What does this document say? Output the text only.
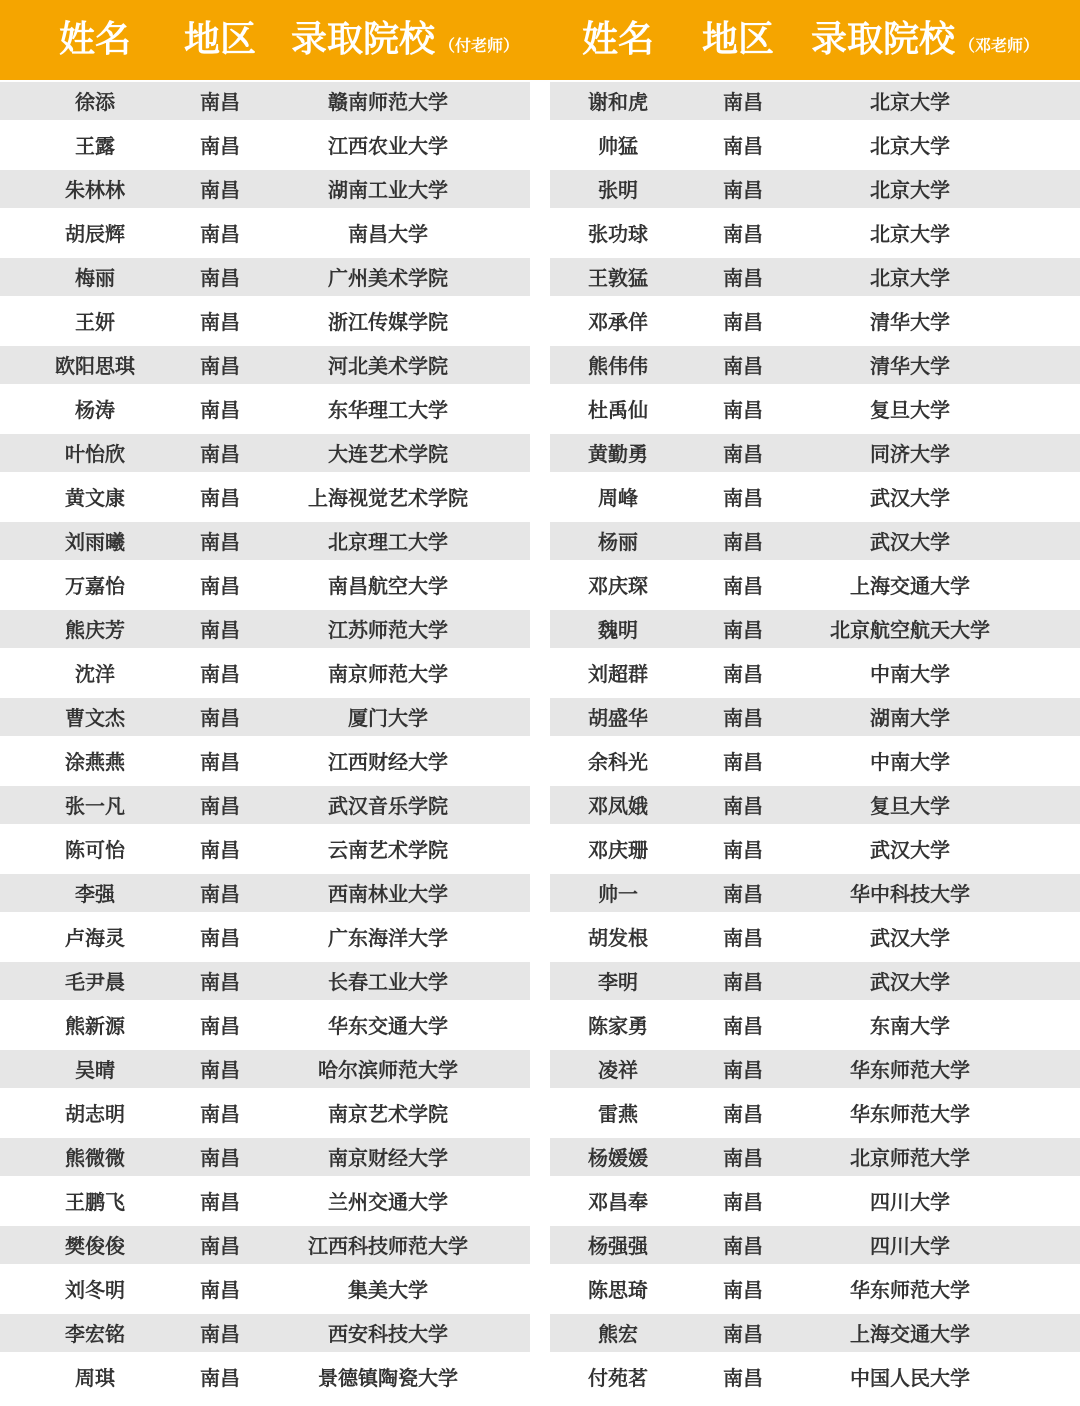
姓名	地区 录取院校 （付老师）	姓名	地区	录取院校 （邓老师）
徐添	南昌	赣南师范大学
王露	南昌	江西农业大学
朱林林	南昌	湖南工业大学
胡辰辉	南昌	南昌大学
梅丽	南昌	广州美术学院
王妍	南昌	浙江传媒学院
欧阳思琪	南昌	河北美术学院
杨涛	南昌	东华理工大学
叶怡欣	南昌	大连艺术学院
黄文康	南昌	上海视觉艺术学院
刘雨曦	南昌	北京理工大学
万嘉怡	南昌	南昌航空大学
熊庆芳	南昌	江苏师范大学
沈洋	南昌	南京师范大学
曹文杰	南昌	厦门大学
涂燕燕	南昌	江西财经大学
张一凡	南昌	武汉音乐学院
陈可怡	南昌	云南艺术学院
李强	南昌	西南林业大学
卢海灵	南昌	广东海洋大学
毛尹晨	南昌	长春工业大学
熊新源	南昌	华东交通大学
吴晴	南昌	哈尔滨师范大学
胡志明	南昌	南京艺术学院
熊微微	南昌	南京财经大学
王鹏飞	南昌	兰州交通大学
樊俊俊	南昌	江西科技师范大学
刘冬明	南昌	集美大学
李宏铭	南昌	西安科技大学
周琪	南昌	景德镇陶瓷大学
谢和虎	南昌	北京大学
帅猛	南昌	北京大学
张明	南昌	北京大学
张功球	南昌	北京大学
王敦猛	南昌	北京大学
邓承佯	南昌	清华大学
熊伟伟	南昌	清华大学
杜禹仙	南昌	复旦大学
黄勤勇	南昌	同济大学
周峰	南昌	武汉大学
杨丽	南昌	武汉大学
邓庆琛	南昌	上海交通大学
魏明	南昌	北京航空航天大学
刘超群	南昌	中南大学
胡盛华	南昌	湖南大学
余科光	南昌	中南大学
邓凤娥	南昌	复旦大学
邓庆珊	南昌	武汉大学
帅一	南昌	华中科技大学
胡发根	南昌	武汉大学
李明	南昌	武汉大学
陈家勇	南昌	东南大学
凌祥	南昌	华东师范大学
雷燕	南昌	华东师范大学
杨媛媛	南昌	北京师范大学
邓昌奉	南昌	四川大学
杨强强	南昌	四川大学
陈思琦	南昌	华东师范大学
熊宏	南昌	上海交通大学
付苑茗	南昌	中国人民大学
